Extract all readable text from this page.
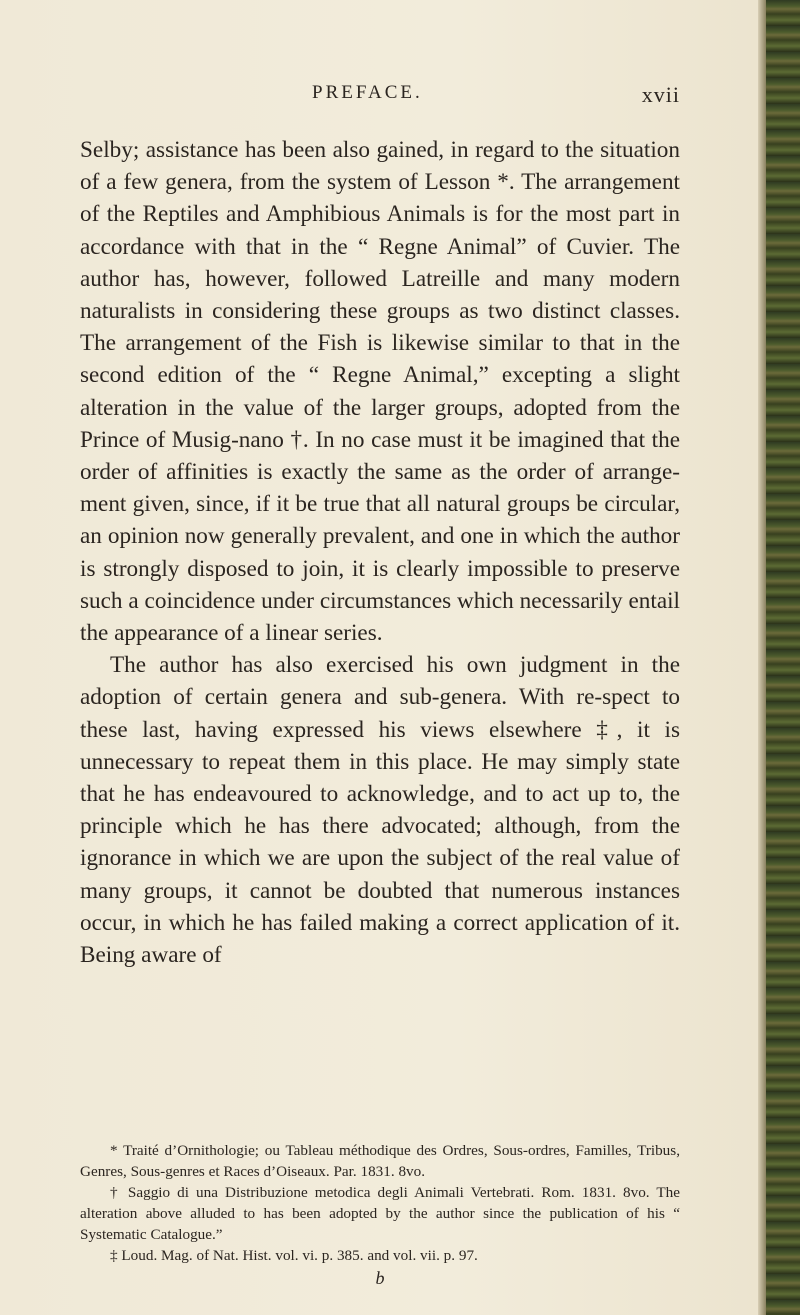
PREFACE.	xvii

Selby; assistance has been also gained, in regard to the situation of a few genera, from the system of Lesson *. The arrangement of the Reptiles and Amphibious Animals is for the most part in accordance with that in the “ Regne Animal” of Cuvier. The author has, however, followed Latreille and many modern naturalists in considering these groups as two distinct classes. The arrangement of the Fish is likewise similar to that in the second edition of the “ Regne Animal,” excepting a slight alteration in the value of the larger groups, adopted from the Prince of Musig-nano †. In no case must it be imagined that the order of affinities is exactly the same as the order of arrange-ment given, since, if it be true that all natural groups be circular, an opinion now generally prevalent, and one in which the author is strongly disposed to join, it is clearly impossible to preserve such a coincidence under circumstances which necessarily entail the appearance of a linear series.

The author has also exercised his own judgment in the adoption of certain genera and sub-genera. With re-spect to these last, having expressed his views elsewhere ‡, it is unnecessary to repeat them in this place. He may simply state that he has endeavoured to acknowledge, and to act up to, the principle which he has there advocated; although, from the ignorance in which we are upon the subject of the real value of many groups, it cannot be doubted that numerous instances occur, in which he has failed making a correct application of it. Being aware of

* Traité d’Ornithologie; ou Tableau méthodique des Ordres, Sous-ordres, Familles, Tribus, Genres, Sous-genres et Races d’Oiseaux. Par. 1831. 8vo.

† Saggio di una Distribuzione metodica degli Animali Vertebrati. Rom. 1831. 8vo. The alteration above alluded to has been adopted by the author since the publication of his “ Systematic Catalogue.”

‡ Loud. Mag. of Nat. Hist. vol. vi. p. 385. and vol. vii. p. 97.

b
